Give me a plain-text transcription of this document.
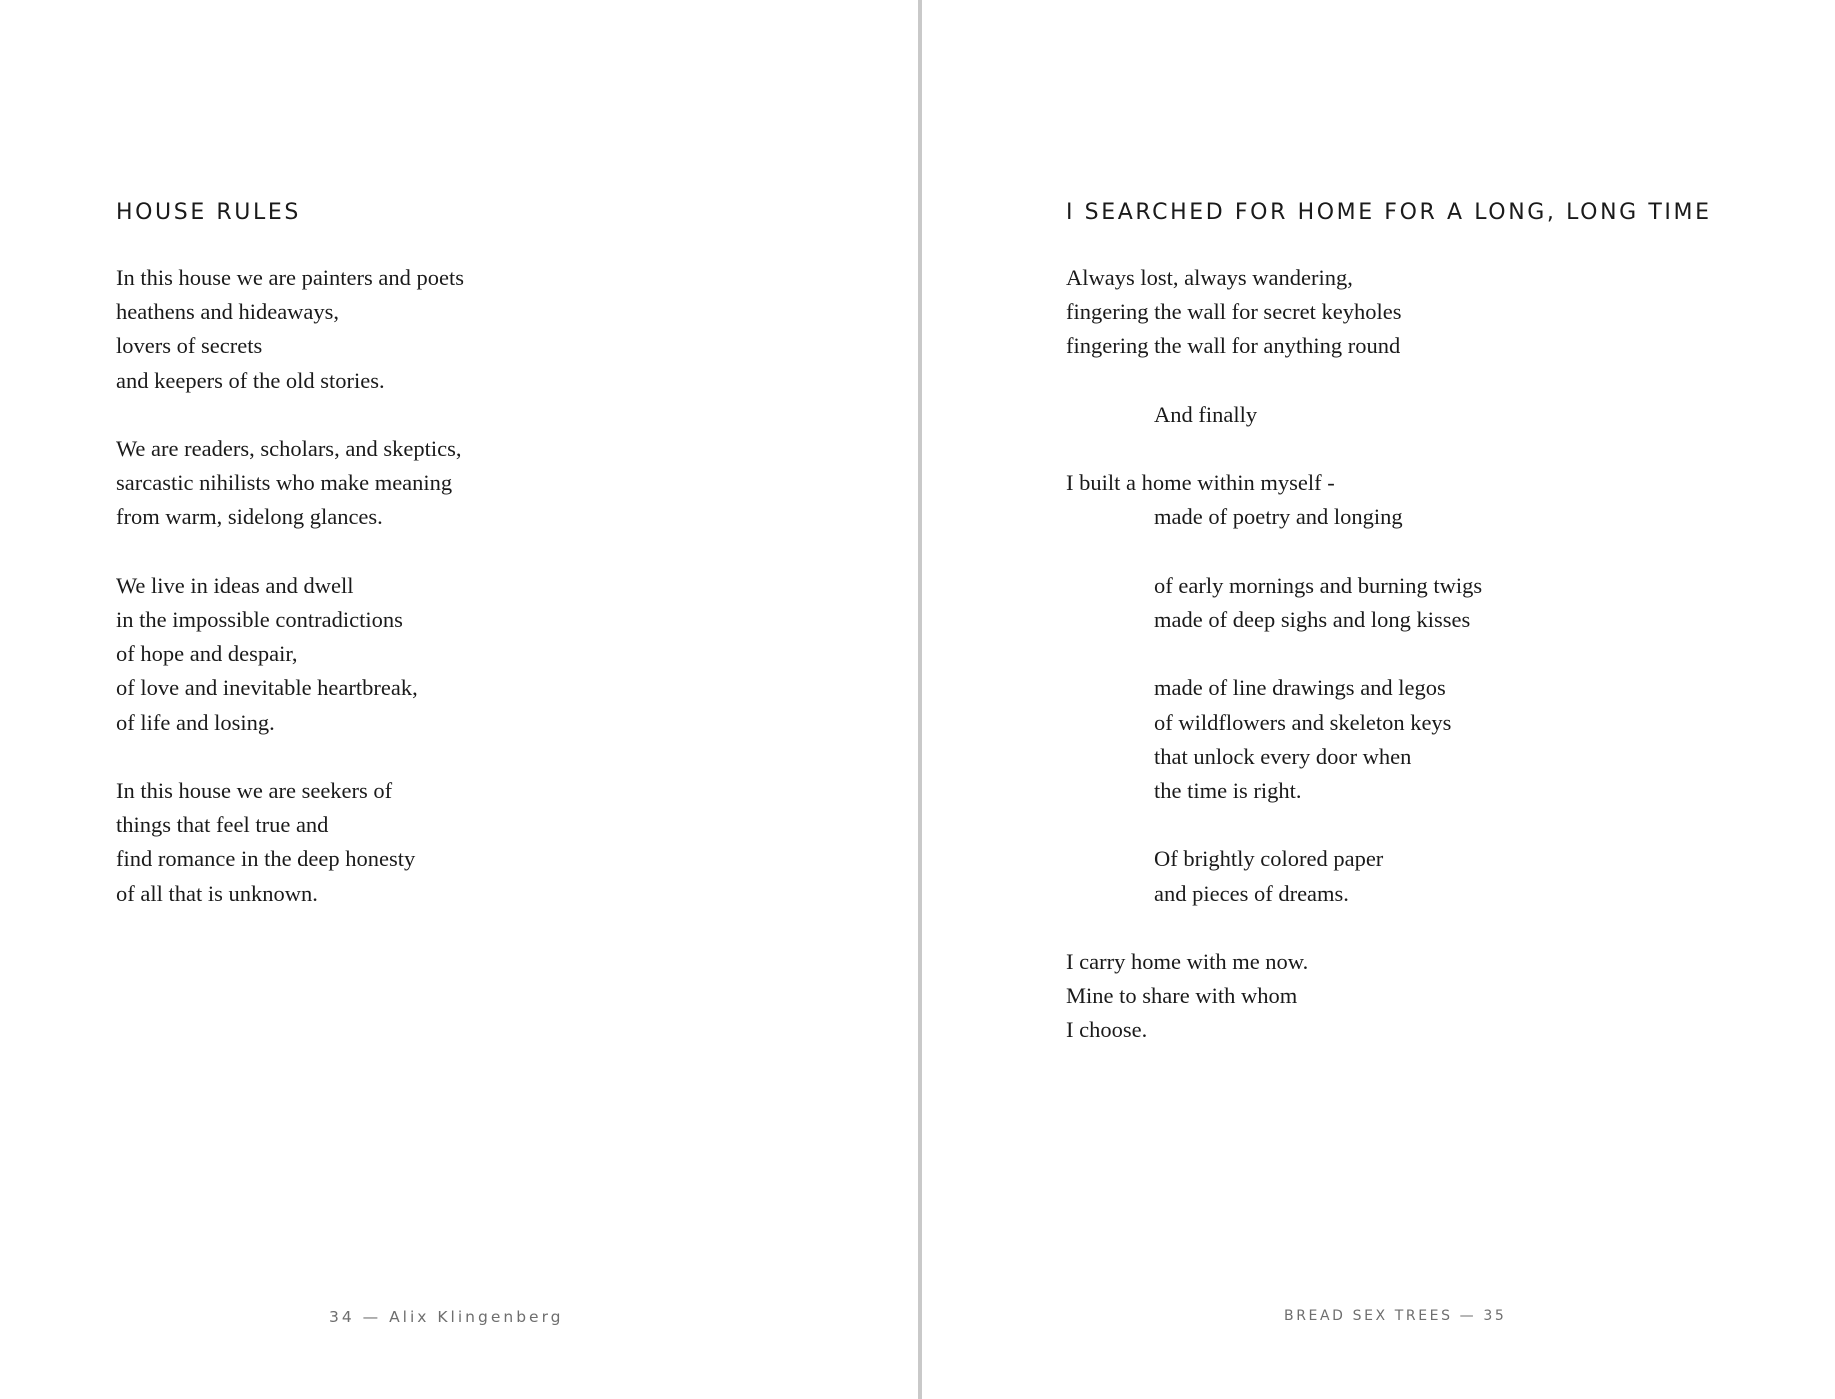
HOUSE RULES

In this house we are painters and poets
heathens and hideaways,
lovers of secrets
and keepers of the old stories.

We are readers, scholars, and skeptics,
sarcastic nihilists who make meaning
from warm, sidelong glances.

We live in ideas and dwell
in the impossible contradictions
of hope and despair,
of love and inevitable heartbreak,
of life and losing.

In this house we are seekers of
things that feel true and
find romance in the deep honesty
of all that is unknown.

I SEARCHED FOR HOME FOR A LONG, LONG TIME

Always lost, always wandering,
fingering the wall for secret keyholes
fingering the wall for anything round

And finally

I built a home within myself -
made of poetry and longing

of early mornings and burning twigs
made of deep sighs and long kisses

made of line drawings and legos
of wildflowers and skeleton keys
that unlock every door when
the time is right.

Of brightly colored paper
and pieces of dreams.

I carry home with me now.
Mine to share with whom
I choose.

34 — Alix Klingenberg	BREAD SEX TREES — 35
